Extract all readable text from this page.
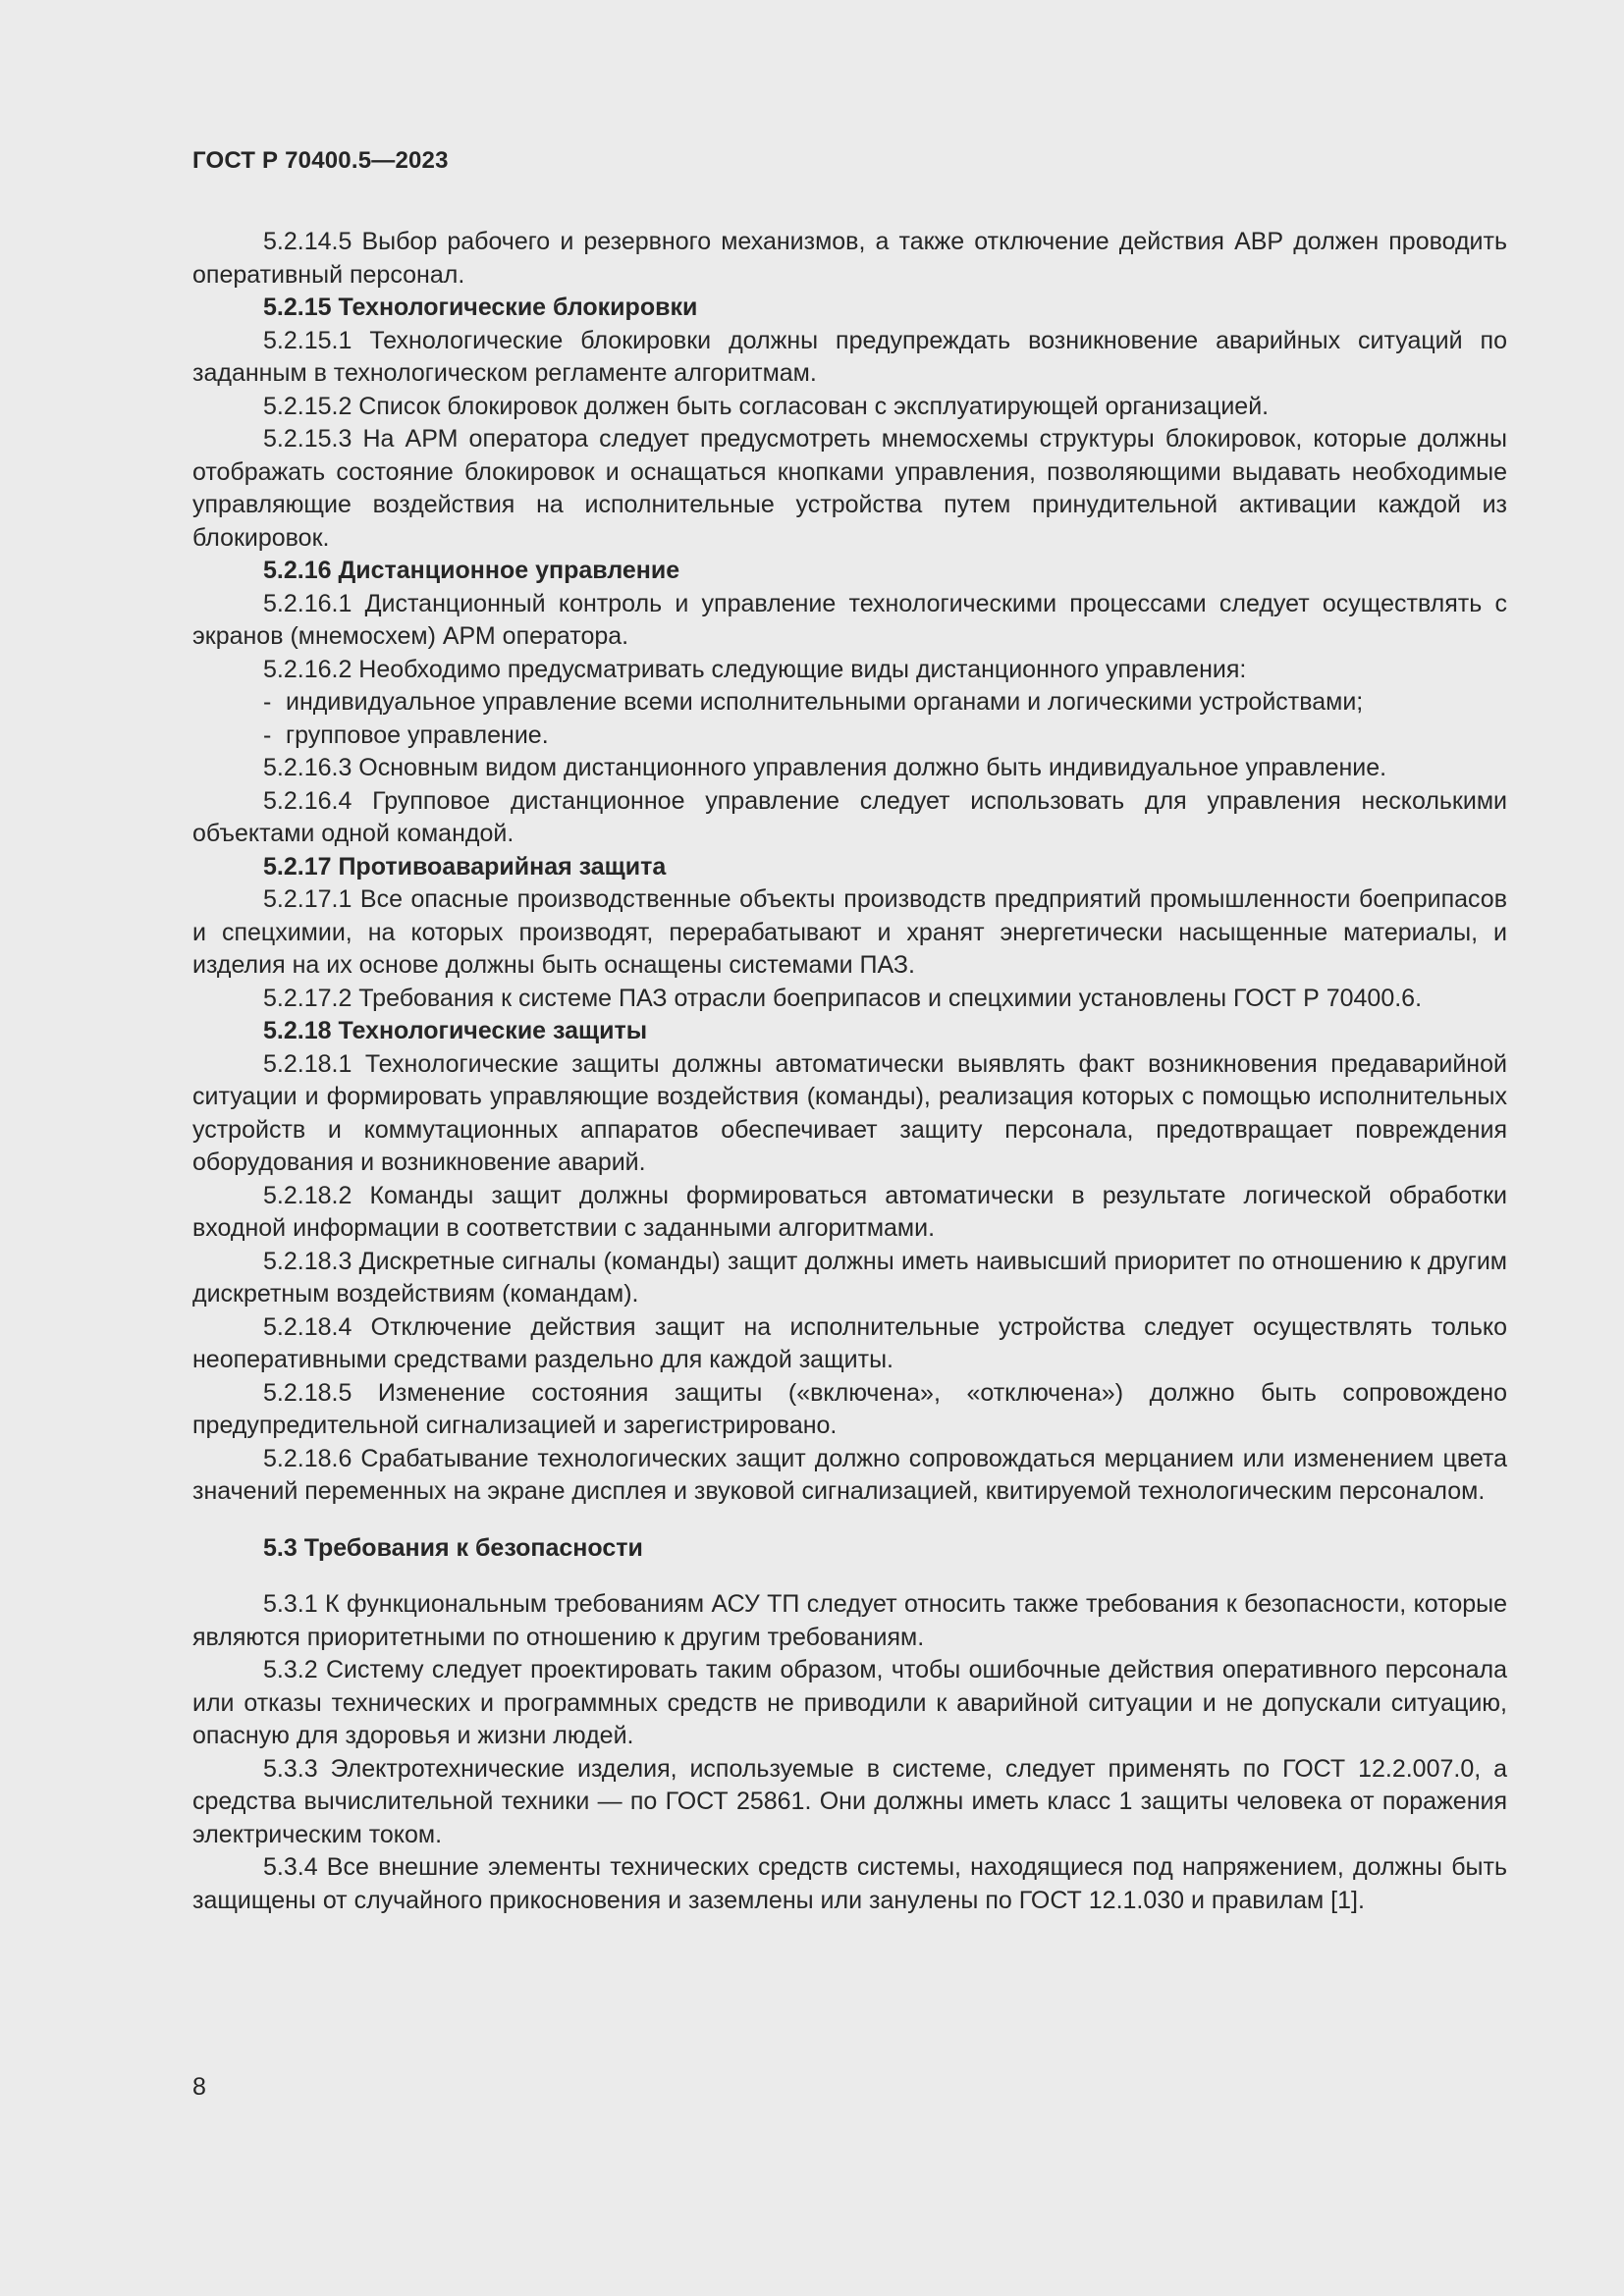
ГОСТ Р 70400.5—2023

5.2.14.5 Выбор рабочего и резервного механизмов, а также отключение действия АВР должен проводить оперативный персонал.

5.2.15 Технологические блокировки

5.2.15.1 Технологические блокировки должны предупреждать возникновение аварийных ситуаций по заданным в технологическом регламенте алгоритмам.

5.2.15.2 Список блокировок должен быть согласован с эксплуатирующей организацией.

5.2.15.3 На АРМ оператора следует предусмотреть мнемосхемы структуры блокировок, которые должны отображать состояние блокировок и оснащаться кнопками управления, позволяющими выдавать необходимые управляющие воздействия на исполнительные устройства путем принудительной активации каждой из блокировок.

5.2.16 Дистанционное управление

5.2.16.1 Дистанционный контроль и управление технологическими процессами следует осуществлять с экранов (мнемосхем) АРМ оператора.

5.2.16.2 Необходимо предусматривать следующие виды дистанционного управления:

- индивидуальное управление всеми исполнительными органами и логическими устройствами;

- групповое управление.

5.2.16.3 Основным видом дистанционного управления должно быть индивидуальное управление.

5.2.16.4 Групповое дистанционное управление следует использовать для управления несколькими объектами одной командой.

5.2.17 Противоаварийная защита

5.2.17.1 Все опасные производственные объекты производств предприятий промышленности боеприпасов и спецхимии, на которых производят, перерабатывают и хранят энергетически насыщенные материалы, и изделия на их основе должны быть оснащены системами ПАЗ.

5.2.17.2 Требования к системе ПАЗ отрасли боеприпасов и спецхимии установлены ГОСТ Р 70400.6.

5.2.18 Технологические защиты

5.2.18.1 Технологические защиты должны автоматически выявлять факт возникновения предаварийной ситуации и формировать управляющие воздействия (команды), реализация которых с помощью исполнительных устройств и коммутационных аппаратов обеспечивает защиту персонала, предотвращает повреждения оборудования и возникновение аварий.

5.2.18.2 Команды защит должны формироваться автоматически в результате логической обработки входной информации в соответствии с заданными алгоритмами.

5.2.18.3 Дискретные сигналы (команды) защит должны иметь наивысший приоритет по отношению к другим дискретным воздействиям (командам).

5.2.18.4 Отключение действия защит на исполнительные устройства следует осуществлять только неоперативными средствами раздельно для каждой защиты.

5.2.18.5 Изменение состояния защиты («включена», «отключена») должно быть сопровождено предупредительной сигнализацией и зарегистрировано.

5.2.18.6 Срабатывание технологических защит должно сопровождаться мерцанием или изменением цвета значений переменных на экране дисплея и звуковой сигнализацией, квитируемой технологическим персоналом.

5.3 Требования к безопасности

5.3.1 К функциональным требованиям АСУ ТП следует относить также требования к безопасности, которые являются приоритетными по отношению к другим требованиям.

5.3.2 Систему следует проектировать таким образом, чтобы ошибочные действия оперативного персонала или отказы технических и программных средств не приводили к аварийной ситуации и не допускали ситуацию, опасную для здоровья и жизни людей.

5.3.3 Электротехнические изделия, используемые в системе, следует применять по ГОСТ 12.2.007.0, а средства вычислительной техники — по ГОСТ 25861. Они должны иметь класс 1 защиты человека от поражения электрическим током.

5.3.4 Все внешние элементы технических средств системы, находящиеся под напряжением, должны быть защищены от случайного прикосновения и заземлены или занулены по ГОСТ 12.1.030 и правилам [1].

8
